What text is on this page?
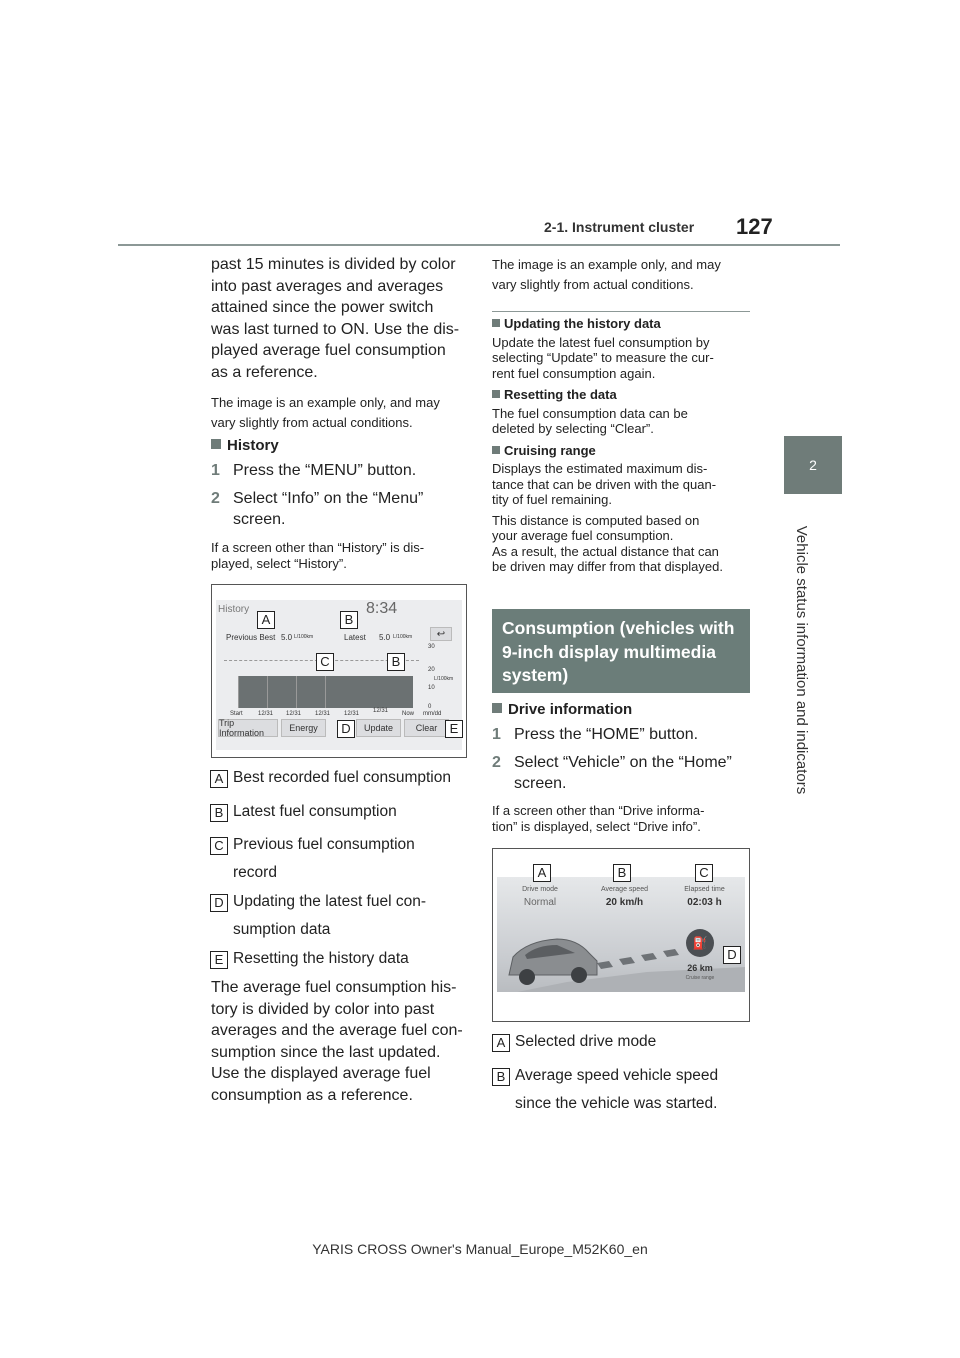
2-1. Instrument cluster 127
2
Vehicle status information and indicators
past 15 minutes is divided by color
into past averages and averages
attained since the power switch
was last turned to ON. Use the dis-
played average fuel consumption
as a reference.
The image is an example only, and may
vary slightly from actual conditions.
History
1 Press the “MENU” button.
2 Select “Info” on the “Menu”
screen.
If a screen other than “History” is dis-
played, select “History”.
History	8:34
Previous Best 5.0 L/100km	Latest 5.0 L/100km	↩
30
20
10
0
L/100km
Start	12/31 12/31 12/31 12/31 12/31 Now mm/dd
Trip Information	Energy	Update	Clear
A	B
C	B
D	E
A Best recorded fuel consumption
B Latest fuel consumption
C Previous fuel consumption
record
D Updating the latest fuel con-
sumption data
E Resetting the history data
The average fuel consumption his-
tory is divided by color into past
averages and the average fuel con-
sumption since the last updated.
Use the displayed average fuel
consumption as a reference.
The image is an example only, and may
vary slightly from actual conditions.
Updating the history data
Update the latest fuel consumption by
selecting “Update” to measure the cur-
rent fuel consumption again.
Resetting the data
The fuel consumption data can be
deleted by selecting “Clear”.
Cruising range
Displays the estimated maximum dis-
tance that can be driven with the quan-
tity of fuel remaining.
This distance is computed based on
your average fuel consumption.
As a result, the actual distance that can
be driven may differ from that displayed.
Consumption (vehicles with
9-inch display multimedia
system)
Drive information
1 Press the “HOME” button.
2 Select “Vehicle” on the “Home”
screen.
If a screen other than “Drive informa-
tion” is displayed, select “Drive info”.
Drive mode
Normal
Average speed
20 km/h
Elapsed time
02:03 h
⛽
26 km
Cruise range
A	B	C
D
A Selected drive mode
B Average speed vehicle speed
since the vehicle was started.
YARIS CROSS Owner's Manual_Europe_M52K60_en
